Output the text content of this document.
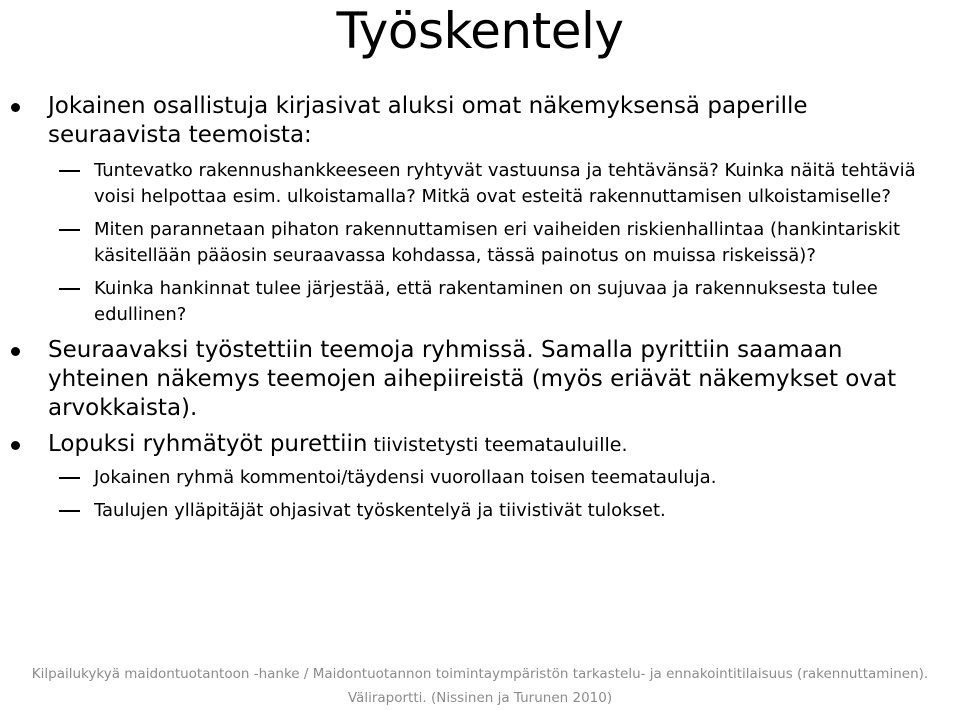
Työskentely
Jokainen osallistuja kirjasivat aluksi omat näkemyksensä paperille seuraavista teemoista:
Tuntevatko rakennushankkeeseen ryhtyvät vastuunsa ja tehtävänsä? Kuinka näitä tehtäviä voisi helpottaa esim. ulkoistamalla? Mitkä ovat esteitä rakennuttamisen ulkoistamiselle?
Miten parannetaan pihaton rakennuttamisen eri vaiheiden riskienhallintaa (hankintariskit käsitellään pääosin seuraavassa kohdassa, tässä painotus on muissa riskeissä)?
Kuinka hankinnat tulee järjestää, että rakentaminen on sujuvaa ja rakennuksesta tulee edullinen?
Seuraavaksi työstettiin teemoja ryhmissä. Samalla pyrittiin saamaan yhteinen näkemys teemojen aihepiireistä (myös eriävät näkemykset ovat arvokkaista).
Lopuksi ryhmätyöt purettiin tiivistetysti teematauluille.
Jokainen ryhmä kommentoi/täydensi vuorollaan toisen teematauluja.
Taulujen ylläpitäjät ohjasivat työskentelyä ja tiivistivät tulokset.
Kilpailukykyä maidontuotantoon -hanke / Maidontuotannon toimintaympäristön tarkastelu- ja ennakointitilaisuus (rakennuttaminen).
Väliraportti. (Nissinen ja Turunen 2010)
